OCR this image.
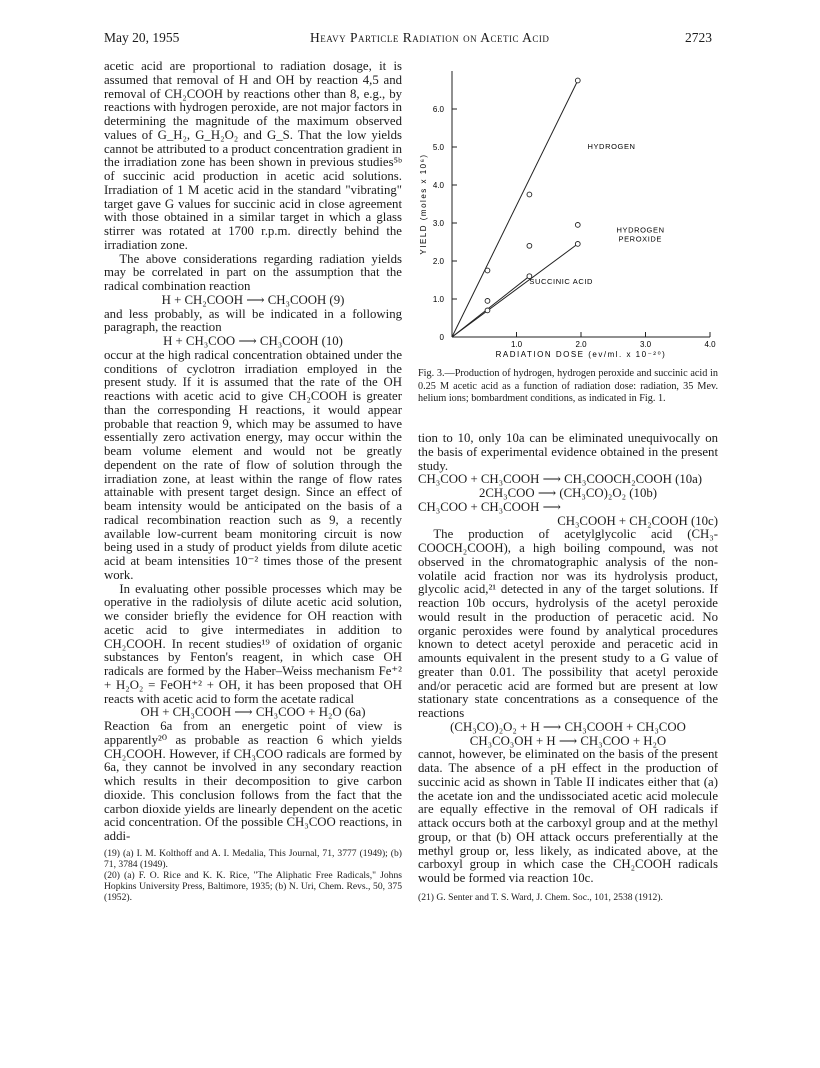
May 20, 1955	Heavy Particle Radiation on Acetic Acid	2723

acetic acid are proportional to radiation dosage, it is assumed that removal of H and OH by reaction 4,5 and removal of CH₂COOH by reactions other than 8, e.g., by reactions with hydrogen peroxide, are not major factors in determining the magnitude of the maximum observed values of G_H₂, G_H₂O₂ and G_S. That the low yields cannot be attributed to a product concentration gradient in the irradiation zone has been shown in previous studies⁵ᵇ of succinic acid production in acetic acid solutions. Irradiation of 1 M acetic acid in the standard "vibrating" target gave G values for succinic acid in close agreement with those obtained in a similar target in which a glass stirrer was rotated at 1700 r.p.m. directly behind the irradiation zone.

The above considerations regarding radiation yields may be correlated in part on the assumption that the radical combination reaction

H + CH₂COOH ⟶ CH₃COOH (9)

and less probably, as will be indicated in a following paragraph, the reaction

H + CH₃COO ⟶ CH₃COOH (10)

occur at the high radical concentration obtained under the conditions of cyclotron irradiation employed in the present study. If it is assumed that the rate of the OH reactions with acetic acid to give CH₂COOH is greater than the corresponding H reactions, it would appear probable that reaction 9, which may be assumed to have essentially zero activation energy, may occur within the beam volume element and would not be greatly dependent on the rate of flow of solution through the irradiation zone, at least within the range of flow rates attainable with present target design. Since an effect of beam intensity would be anticipated on the basis of a radical recombination reaction such as 9, a recently available low-current beam monitoring circuit is now being used in a study of product yields from dilute acetic acid at beam intensities 10⁻² times those of the present work.

In evaluating other possible processes which may be operative in the radiolysis of dilute acetic acid solution, we consider briefly the evidence for OH reaction with acetic acid to give intermediates in addition to CH₂COOH. In recent studies¹⁹ of oxidation of organic substances by Fenton's reagent, in which case OH radicals are formed by the Haber–Weiss mechanism Fe⁺² + H₂O₂ = FeOH⁺² + OH, it has been proposed that OH reacts with acetic acid to form the acetate radical

OH + CH₃COOH ⟶ CH₃COO + H₂O (6a)

Reaction 6a from an energetic point of view is apparently²⁰ as probable as reaction 6 which yields CH₂COOH. However, if CH₃COO radicals are formed by 6a, they cannot be involved in any secondary reaction which results in their decomposition to give carbon dioxide. This conclusion follows from the fact that the carbon dioxide yields are linearly dependent on the acetic acid concentration. Of the possible CH₃COO reactions, in addi-

(19) (a) I. M. Kolthoff and A. I. Medalia, This Journal, 71, 3777 (1949); (b) 71, 3784 (1949).

(20) (a) F. O. Rice and K. K. Rice, "The Aliphatic Free Radicals," Johns Hopkins University Press, Baltimore, 1935; (b) N. Uri, Chem. Revs., 50, 375 (1952).

1.0	2.0	3.0	4.0
0
1.0
2.0
3.0
4.0
5.0
6.0
RADIATION DOSE (ev/ml. x 10⁻²⁰)
YIELD (moles x 10⁶)
HYDROGEN
HYDROGEN
PEROXIDE
SUCCINIC ACID
Fig. 3.—Production of hydrogen, hydrogen peroxide and succinic acid in 0.25 M acetic acid as a function of radiation dose: radiation, 35 Mev. helium ions; bombardment conditions, as indicated in Fig. 1.

tion to 10, only 10a can be eliminated unequivocally on the basis of experimental evidence obtained in the present study.

CH₃COO + CH₃COOH ⟶ CH₃COOCH₂COOH (10a)

2CH₃COO ⟶ (CH₃CO)₂O₂ (10b)

CH₃COO + CH₃COOH ⟶

CH₃COOH + CH₂COOH (10c)

The production of acetylglycolic acid (CH₃-COOCH₂COOH), a high boiling compound, was not observed in the chromatographic analysis of the non-volatile acid fraction nor was its hydrolysis product, glycolic acid,²¹ detected in any of the target solutions. If reaction 10b occurs, hydrolysis of the acetyl peroxide would result in the production of peracetic acid. No organic peroxides were found by analytical procedures known to detect acetyl peroxide and peracetic acid in amounts equivalent in the present study to a G value of greater than 0.01. The possibility that acetyl peroxide and/or peracetic acid are formed but are present at low stationary state concentrations as a consequence of the reactions

(CH₃CO)₂O₂ + H ⟶ CH₃COOH + CH₃COO

CH₃CO₃OH + H ⟶ CH₃COO + H₂O

cannot, however, be eliminated on the basis of the present data. The absence of a pH effect in the production of succinic acid as shown in Table II indicates either that (a) the acetate ion and the undissociated acetic acid molecule are equally effective in the removal of OH radicals if attack occurs both at the carboxyl group and at the methyl group, or that (b) OH attack occurs preferentially at the methyl group or, less likely, as indicated above, at the carboxyl group in which case the CH₂COOH radicals would be formed via reaction 10c.

(21) G. Senter and T. S. Ward, J. Chem. Soc., 101, 2538 (1912).
